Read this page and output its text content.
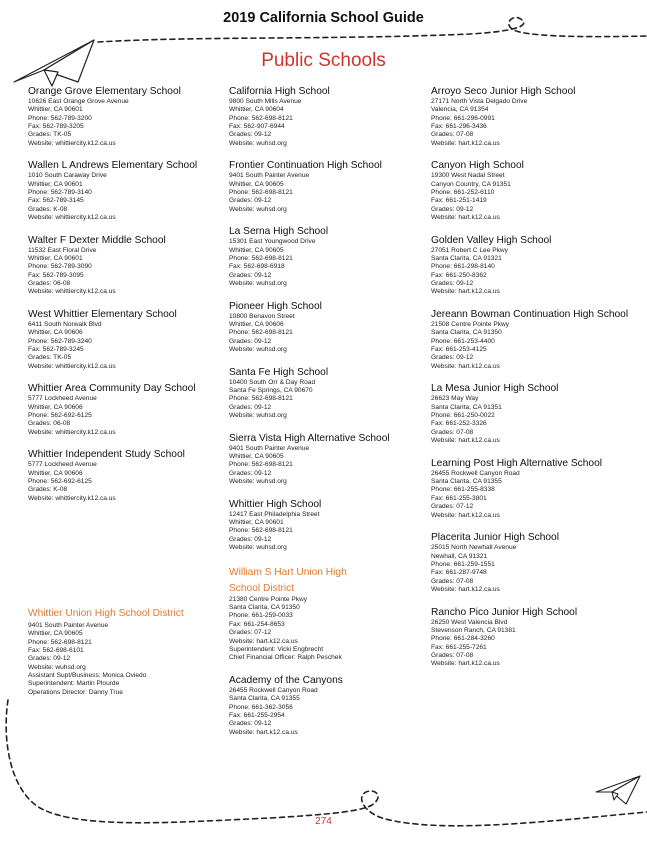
2019 California School Guide
Public Schools
Orange Grove Elementary School
10626 East Orange Grove Avenue
Whittier, CA 90601
Phone: 562-789-3200
Fax: 562-789-3205
Grades: TK-05
Website: whittiercity.k12.ca.us
Wallen L Andrews Elementary School
1010 South Caraway Drive
Whittier, CA 90601
Phone: 562-789-3140
Fax: 562-789-3145
Grades: K-08
Website: whittiercity.k12.ca.us
Walter F Dexter Middle School
11532 East Floral Drive
Whittier, CA 90601
Phone: 562-789-3090
Fax: 562-789-3095
Grades: 06-08
Website: whittiercity.k12.ca.us
West Whittier Elementary School
6411 South Norwalk Blvd
Whittier, CA 90606
Phone: 562-789-3240
Fax: 562-789-3245
Grades: TK-05
Website: whittiercity.k12.ca.us
Whittier Area Community Day School
5777 Lockheed Avenue
Whittier, CA 90606
Phone: 562-692-6125
Grades: 06-08
Website: whittiercity.k12.ca.us
Whittier Independent Study School
5777 Lockheed Avenue
Whittier, CA 90606
Phone: 562-692-6125
Grades: K-08
Website: whittiercity.k12.ca.us
Whittier Union High School District
9401 South Painter Avenue
Whittier, CA 90605
Phone: 562-698-8121
Fax: 562-698-6101
Grades: 09-12
Website: wuhsd.org
Assistant Supt/Business: Monica Oviedo
Superintendent: Martin Plourde
Operations Director: Danny True
California High School
9800 South Mills Avenue
Whittier, CA 90604
Phone: 562-698-8121
Fax: 562-907-6944
Grades: 09-12
Website: wuhsd.org
Frontier Continuation High School
9401 South Painter Avenue
Whittier, CA 90605
Phone: 562-698-8121
Grades: 09-12
Website: wuhsd.org
La Serna High School
15301 East Youngwood Drive
Whittier, CA 90605
Phone: 562-698-8121
Fax: 562-698-6918
Grades: 09-12
Website: wuhsd.org
Pioneer High School
10800 Benavon Street
Whittier, CA 90606
Phone: 562-698-8121
Grades: 09-12
Website: wuhsd.org
Santa Fe High School
10400 South Orr & Day Road
Santa Fe Springs, CA 90670
Phone: 562-698-8121
Grades: 09-12
Website: wuhsd.org
Sierra Vista High Alternative School
9401 South Painter Avenue
Whittier, CA 90605
Phone: 562-698-8121
Grades: 09-12
Website: wuhsd.org
Whittier High School
12417 East Philadelphia Street
Whittier, CA 90601
Phone: 562-698-8121
Grades: 09-12
Website: wuhsd.org
William S Hart Union High
School District
21380 Centre Pointe Pkwy
Santa Clarita, CA 91350
Phone: 661-259-0033
Fax: 661-254-8653
Grades: 07-12
Website: hart.k12.ca.us
Superintendent: Vicki Engbrecht
Chief Financial Officer: Ralph Peschek
Academy of the Canyons
26455 Rockwell Canyon Road
Santa Clarita, CA 91355
Phone: 661-362-3056
Fax: 661-255-2954
Grades: 09-12
Website: hart.k12.ca.us
Arroyo Seco Junior High School
27171 North Vista Delgado Drive
Valencia, CA 91354
Phone: 661-296-0991
Fax: 661-296-3436
Grades: 07-08
Website: hart.k12.ca.us
Canyon High School
19300 West Nadal Street
Canyon Country, CA 91351
Phone: 661-252-6110
Fax: 661-251-1419
Grades: 09-12
Website: hart.k12.ca.us
Golden Valley High School
27051 Robert C Lee Pkwy
Santa Clarita, CA 91321
Phone: 661-298-8140
Fax: 661-250-8362
Grades: 09-12
Website: hart.k12.ca.us
Jereann Bowman Continuation High School
21508 Centre Pointe Pkwy
Santa Clarita, CA 91350
Phone: 661-253-4400
Fax: 661-253-4125
Grades: 09-12
Website: hart.k12.ca.us
La Mesa Junior High School
26623 May Way
Santa Clarita, CA 91351
Phone: 661-250-0022
Fax: 661-252-3326
Grades: 07-08
Website: hart.k12.ca.us
Learning Post High Alternative School
26455 Rockwell Canyon Road
Santa Clarita, CA 91355
Phone: 661-255-8338
Fax: 661-255-3801
Grades: 07-12
Website: hart.k12.ca.us
Placerita Junior High School
25015 North Newhall Avenue
Newhall, CA 91321
Phone: 661-259-1551
Fax: 661-287-9748
Grades: 07-08
Website: hart.k12.ca.us
Rancho Pico Junior High School
26250 West Valencia Blvd
Stevenson Ranch, CA 91381
Phone: 661-284-3260
Fax: 661-255-7261
Grades: 07-08
Website: hart.k12.ca.us
274
